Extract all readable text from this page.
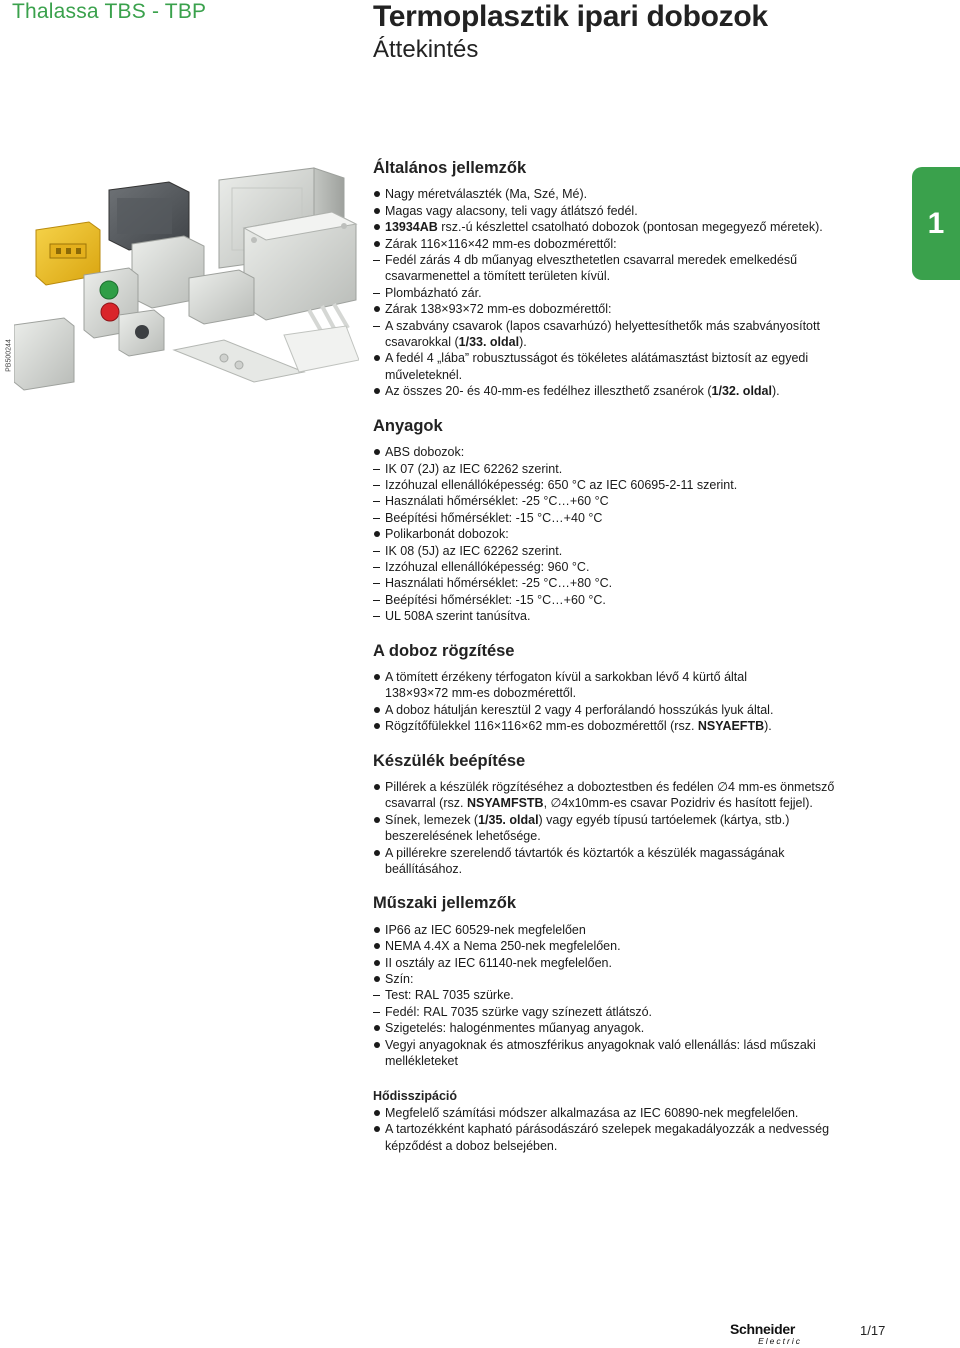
Thalassa TBS - TBP	Termoplasztik ipari dobozok
Áttekintés
1
PB500244
Általános jellemzők
Nagy méretválaszték (Ma, Szé, Mé).
Magas vagy alacsony, teli vagy átlátszó fedél.
13934AB rsz.-ú készlettel csatolható dobozok (pontosan megegyező méretek).
Zárak 116×116×42 mm-es dobozmérettől:
Fedél zárás 4 db műanyag elveszthetetlen csavarral meredek emelkedésű
csavarmenettel a tömített területen kívül.
Plombázható zár.
Zárak 138×93×72 mm-es dobozmérettől:
A szabvány csavarok (lapos csavarhúzó) helyettesíthetők más szabványosított
csavarokkal (1/33. oldal).
A fedél 4 „lába” robusztusságot és tökéletes alátámasztást biztosít az egyedi
műveleteknél.
Az összes 20- és 40-mm-es fedélhez illeszthető zsanérok (1/32. oldal).
Anyagok
ABS dobozok:
IK 07 (2J) az IEC 62262 szerint.
Izzóhuzal ellenállóképesség: 650 °C az IEC 60695-2-11 szerint.
Használati hőmérséklet: -25 °C…+60 °C
Beépítési hőmérséklet: -15 °C…+40 °C
Polikarbonát dobozok:
IK 08 (5J) az IEC 62262 szerint.
Izzóhuzal ellenállóképesség: 960 °C.
Használati hőmérséklet: -25 °C…+80 °C.
Beépítési hőmérséklet: -15 °C…+60 °C.
UL 508A szerint tanúsítva.
A doboz rögzítése
A tömített érzékeny térfogaton kívül a sarkokban lévő 4 kürtő által
138×93×72 mm-es dobozmérettől.
A doboz hátulján keresztül 2 vagy 4 perforálandó hosszúkás lyuk által.
Rögzítőfülekkel 116×116×62 mm-es dobozmérettől (rsz. NSYAEFTB).
Készülék beépítése
Pillérek a készülék rögzítéséhez a doboztestben és fedélen ∅4 mm-es önmetsző
csavarral (rsz. NSYAMFSTB, ∅4x10mm-es csavar Pozidriv és hasított fejjel).
Sínek, lemezek (1/35. oldal) vagy egyéb típusú tartóelemek (kártya, stb.)
beszerelésének lehetősége.
A pillérekre szerelendő távtartók és köztartók a készülék magasságának
beállításához.
Műszaki jellemzők
IP66 az IEC 60529-nek megfelelően
NEMA 4.4X a Nema 250-nek megfelelően.
II osztály az IEC 61140-nek megfelelően.
Szín:
Test: RAL 7035 szürke.
Fedél: RAL 7035 szürke vagy színezett átlátszó.
Szigetelés: halogénmentes műanyag anyagok.
Vegyi anyagoknak és atmoszférikus anyagoknak való ellenállás: lásd műszaki
mellékleteket
Hődisszipáció
Megfelelő számítási módszer alkalmazása az IEC 60890-nek megfelelően.
A tartozékként kapható párásodászáró szelepek megakadályozzák a nedvesség
képződést a doboz belsejében.
Schneider
Electric
1/17
